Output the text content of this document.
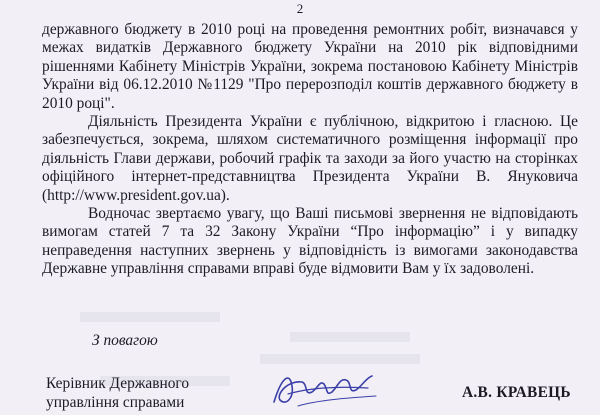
2

державного бюджету в 2010 році на проведення ремонтних робіт, визначався у межах видатків Державного бюджету України на 2010 рік відповідними рішеннями Кабінету Міністрів України, зокрема постановою Кабінету Міністрів України від 06.12.2010 №1129 "Про перерозподіл коштів державного бюджету в 2010 році".

Діяльність Президента України є публічною, відкритою і гласною. Це забезпечується, зокрема, шляхом систематичного розміщення інформації про діяльність Глави держави, робочий графік та заходи за його участю на сторінках офіційного інтернет-представництва Президента України В. Януковича (http://www.president.gov.ua).

Водночас звертаємо увагу, що Ваші письмові звернення не відповідають вимогам статей 7 та 32 Закону України “Про інформацію” і у випадку неправедення наступних звернень у відповідність із вимогами законодавства Державне управління справами вправі буде відмовити Вам у їх задоволені.

З повагою
Керівник Державного
управління справами
А.В. КРАВЕЦЬ
